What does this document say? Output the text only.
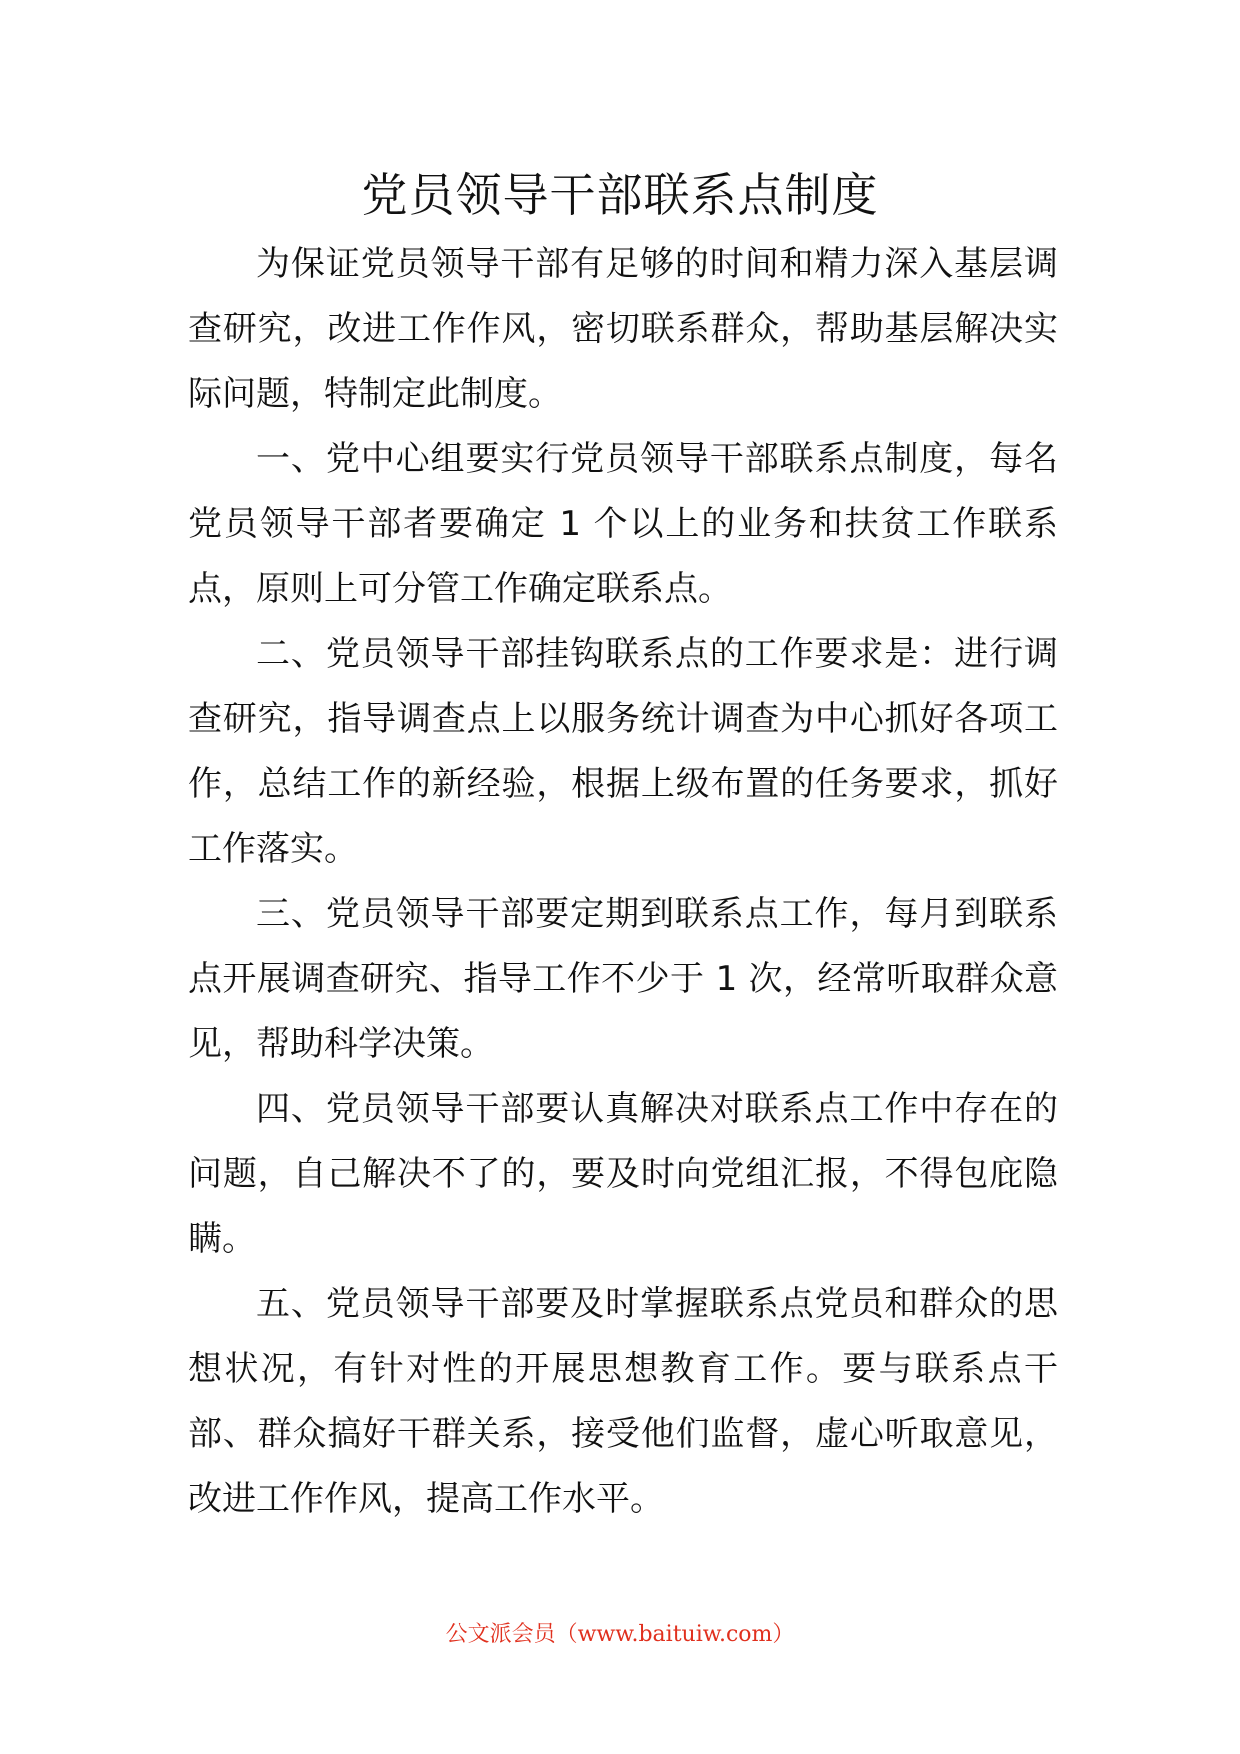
党员领导干部联系点制度

为保证党员领导干部有足够的时间和精力深入基层调查研究，改进工作作风，密切联系群众，帮助基层解决实际问题，特制定此制度。

一、党中心组要实行党员领导干部联系点制度，每名党员领导干部者要确定 1 个以上的业务和扶贫工作联系点，原则上可分管工作确定联系点。

二、党员领导干部挂钩联系点的工作要求是：进行调查研究，指导调查点上以服务统计调查为中心抓好各项工作，总结工作的新经验，根据上级布置的任务要求，抓好工作落实。

三、党员领导干部要定期到联系点工作，每月到联系点开展调查研究、指导工作不少于 1 次，经常听取群众意见，帮助科学决策。

四、党员领导干部要认真解决对联系点工作中存在的问题，自己解决不了的，要及时向党组汇报，不得包庇隐瞒。

五、党员领导干部要及时掌握联系点党员和群众的思想状况，有针对性的开展思想教育工作。要与联系点干部、群众搞好干群关系，接受他们监督，虚心听取意见，改进工作作风，提高工作水平。

公文派会员（www.baituiw.com）
